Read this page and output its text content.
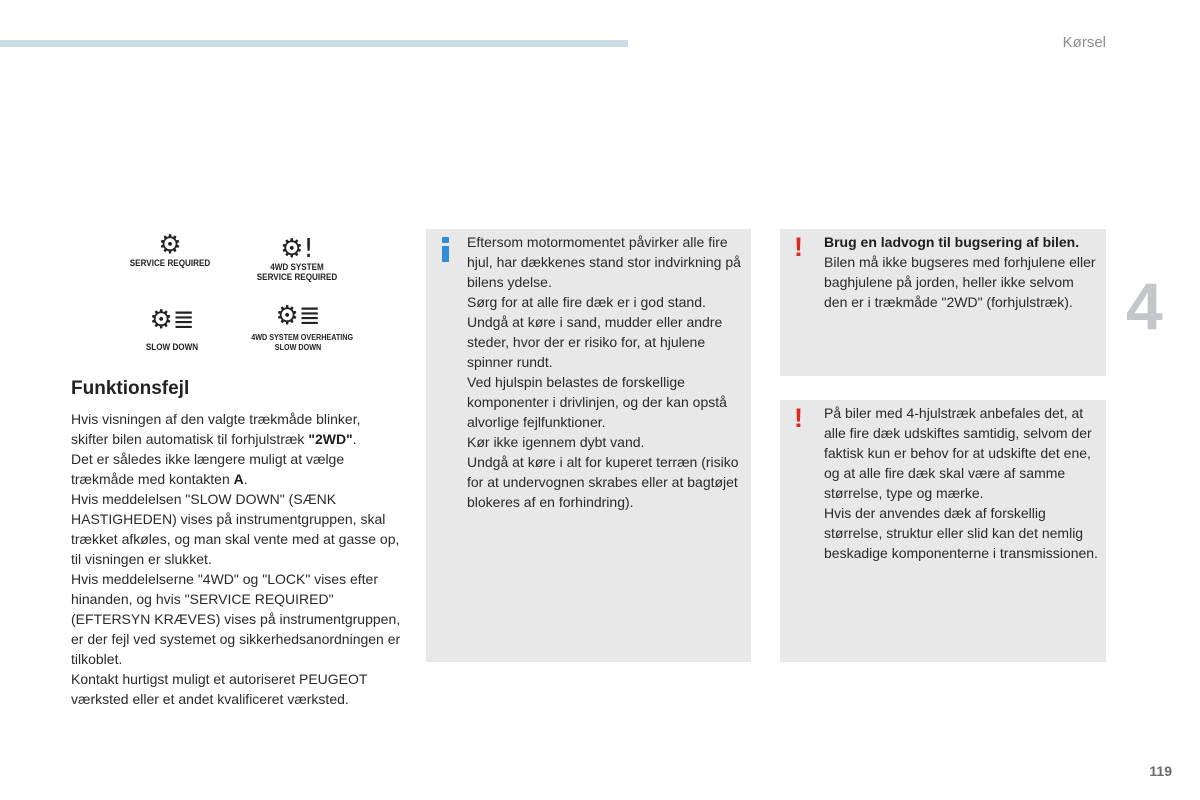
Kørsel
4
⚙
SERVICE REQUIRED	⚙!
4WD SYSTEM
SERVICE REQUIRED
⚙≣
SLOW DOWN
⚙≣
4WD SYSTEM OVERHEATING
SLOW DOWN
Funktionsfejl

Hvis visningen af den valgte trækmåde blinker, skifter bilen automatisk til forhjulstræk "2WD".

Det er således ikke længere muligt at vælge trækmåde med kontakten A.

Hvis meddelelsen "SLOW DOWN" (SÆNK HASTIGHEDEN) vises på instrumentgruppen, skal trækket afkøles, og man skal vente med at gasse op, til visningen er slukket.

Hvis meddelelserne "4WD" og "LOCK" vises efter hinanden, og hvis "SERVICE REQUIRED" (EFTERSYN KRÆVES) vises på instrumentgruppen, er der fejl ved systemet og sikkerhedsanordningen er tilkoblet.

Kontakt hurtigst muligt et autoriseret PEUGEOT værksted eller et andet kvalificeret værksted.

Eftersom motormomentet påvirker alle fire hjul, har dækkenes stand stor indvirkning på bilens ydelse.

Sørg for at alle fire dæk er i god stand.

Undgå at køre i sand, mudder eller andre steder, hvor der er risiko for, at hjulene spinner rundt.

Ved hjulspin belastes de forskellige komponenter i drivlinjen, og der kan opstå alvorlige fejlfunktioner.

Kør ikke igennem dybt vand.

Undgå at køre i alt for kuperet terræn (risiko for at undervognen skrabes eller at bagtøjet blokeres af en forhindring).

! Brug en ladvogn til bugsering af bilen.

Bilen må ikke bugseres med forhjulene eller baghjulene på jorden, heller ikke selvom den er i trækmåde "2WD" (forhjulstræk).

! På biler med 4-hjulstræk anbefales det, at alle fire dæk udskiftes samtidig, selvom der faktisk kun er behov for at udskifte det ene, og at alle fire dæk skal være af samme størrelse, type og mærke.

Hvis der anvendes dæk af forskellig størrelse, struktur eller slid kan det nemlig beskadige komponenterne i transmissionen.

119
